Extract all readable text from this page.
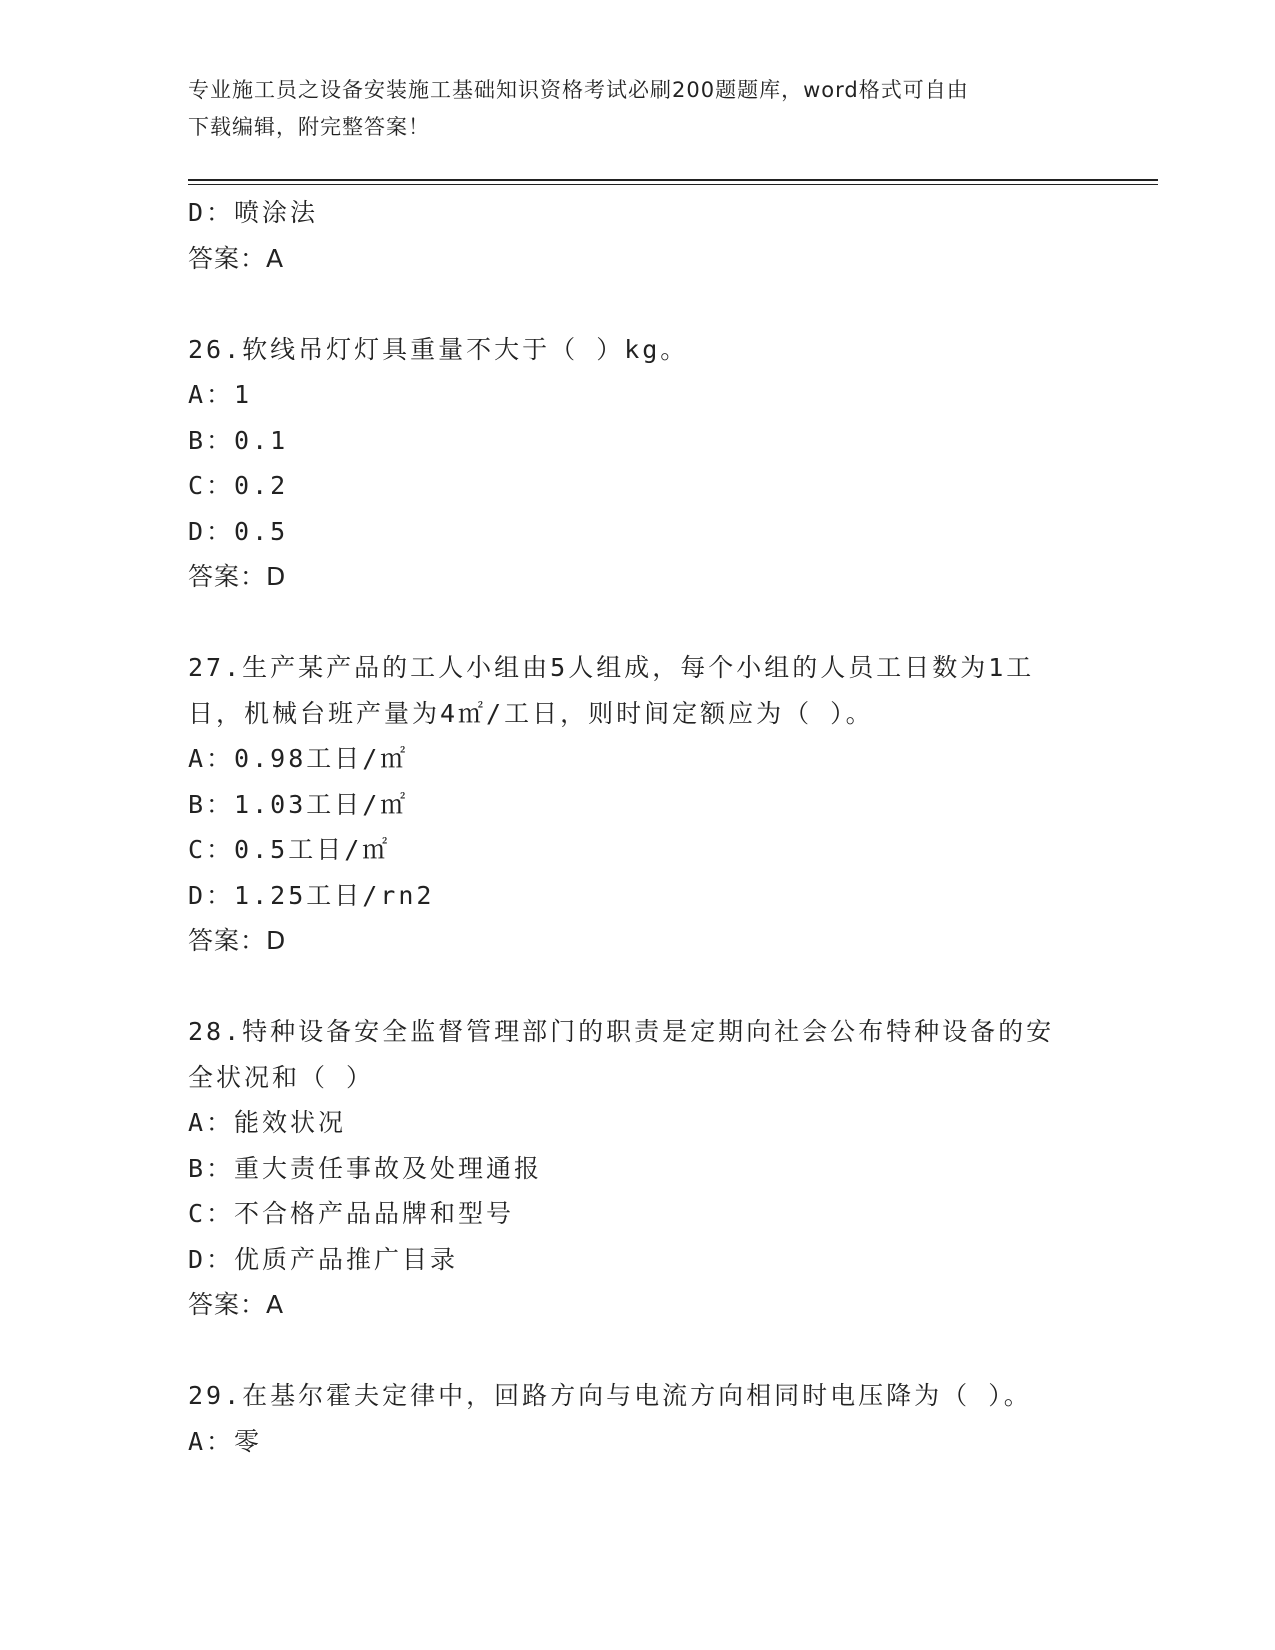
专业施工员之设备安装施工基础知识资格考试必刷200题题库，word格式可自由
下载编辑，附完整答案！
D：喷涂法
答案：A
26.软线吊灯灯具重量不大于（ ）kg。
A：1
B：0.1
C：0.2
D：0.5
答案：D
27.生产某产品的工人小组由5人组成，每个小组的人员工日数为1工
日，机械台班产量为4㎡/工日，则时间定额应为（ ）。
A：0.98工日/㎡
B：1.03工日/㎡
C：0.5工日/㎡
D：1.25工日/rn2
答案：D
28.特种设备安全监督管理部门的职责是定期向社会公布特种设备的安
全状况和（ ）
A：能效状况
B：重大责任事故及处理通报
C：不合格产品品牌和型号
D：优质产品推广目录
答案：A
29.在基尔霍夫定律中，回路方向与电流方向相同时电压降为（ ）。
A：零
